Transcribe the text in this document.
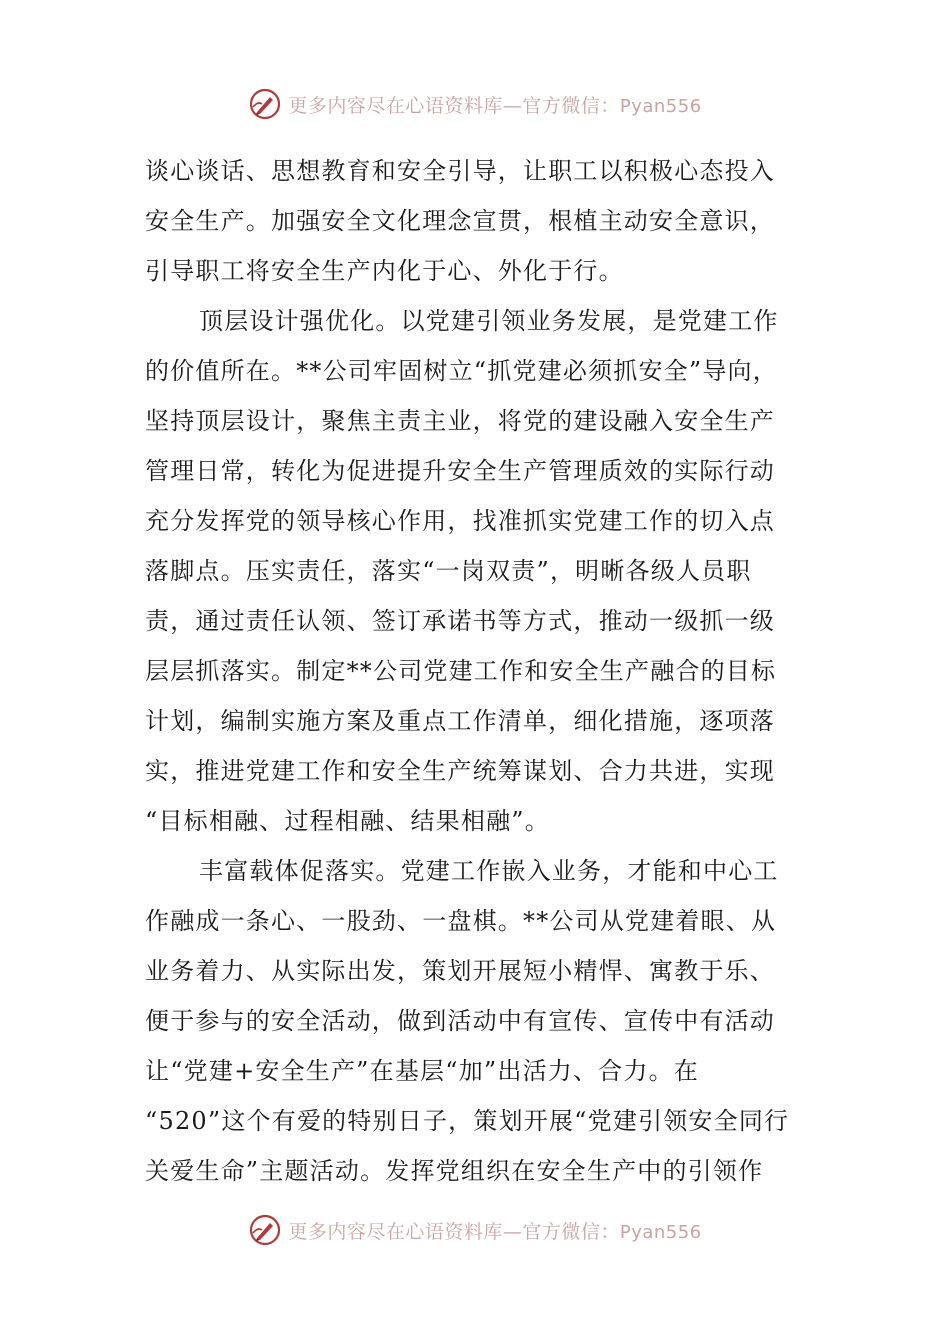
更多内容尽在心语资料库—官方微信：Pyan556
谈心谈话、思想教育和安全引导，让职工以积极心态投入
安全生产。加强安全文化理念宣贯，根植主动安全意识，
引导职工将安全生产内化于心、外化于行。
顶层设计强优化。以党建引领业务发展，是党建工作
的价值所在。**公司牢固树立“抓党建必须抓安全”导向，
坚持顶层设计，聚焦主责主业，将党的建设融入安全生产
管理日常，转化为促进提升安全生产管理质效的实际行动
充分发挥党的领导核心作用，找准抓实党建工作的切入点
落脚点。压实责任，落实“一岗双责”，明晰各级人员职
责，通过责任认领、签订承诺书等方式，推动一级抓一级
层层抓落实。制定**公司党建工作和安全生产融合的目标
计划，编制实施方案及重点工作清单，细化措施，逐项落
实，推进党建工作和安全生产统筹谋划、合力共进，实现
“目标相融、过程相融、结果相融”。
丰富载体促落实。党建工作嵌入业务，才能和中心工
作融成一条心、一股劲、一盘棋。**公司从党建着眼、从
业务着力、从实际出发，策划开展短小精悍、寓教于乐、
便于参与的安全活动，做到活动中有宣传、宣传中有活动
让“党建+安全生产”在基层“加”出活力、合力。在
“520”这个有爱的特别日子，策划开展“党建引领安全同行
关爱生命”主题活动。发挥党组织在安全生产中的引领作
更多内容尽在心语资料库—官方微信：Pyan556
